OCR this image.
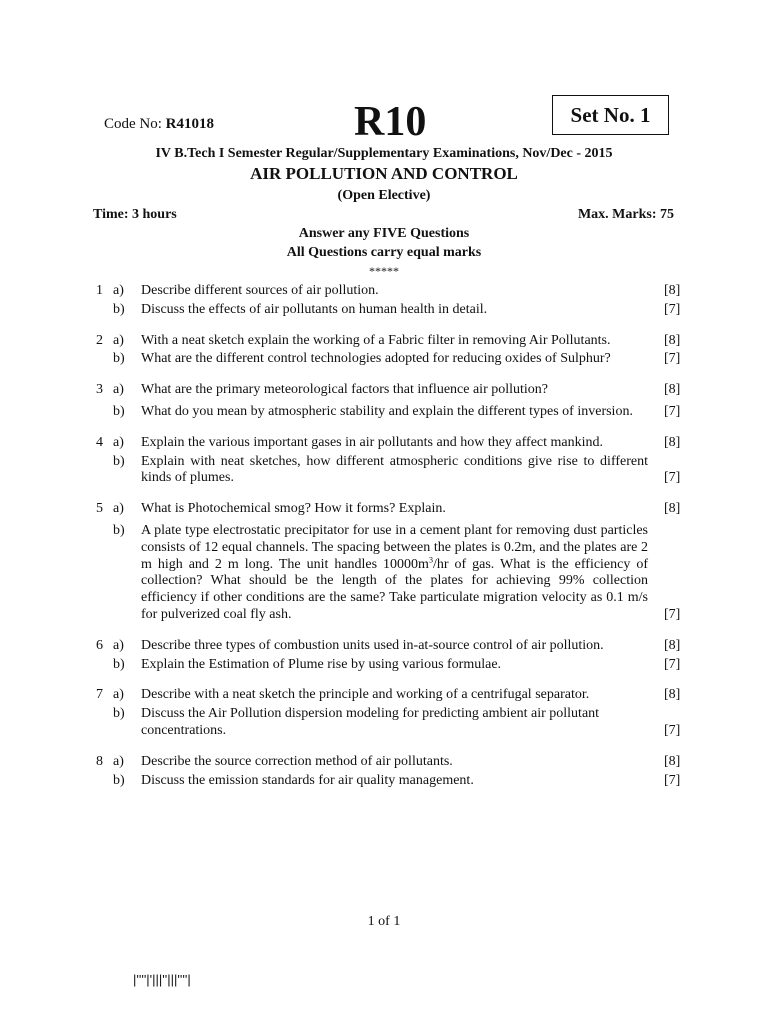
Code No: R41018	R10	Set No. 1
IV B.Tech I Semester Regular/Supplementary Examinations, Nov/Dec - 2015
AIR POLLUTION AND CONTROL
(Open Elective)
Time: 3 hours	Max. Marks: 75
Answer any FIVE Questions
All Questions carry equal marks
*****
1 a)	Describe different sources of air pollution.	[8]
b)	Discuss the effects of air pollutants on human health in detail.	[7]
2 a)	With a neat sketch explain the working of a Fabric filter in removing Air Pollutants.	[8]
b)	What are the different control technologies adopted for reducing oxides of Sulphur?	[7]
3 a)	What are the primary meteorological factors that influence air pollution?	[8]
b)	What do you mean by atmospheric stability and explain the different types of inversion.	[7]
4 a)	Explain the various important gases in air pollutants and how they affect mankind.	[8]
b)	Explain with neat sketches, how different atmospheric conditions give rise to different kinds of plumes.	[7]
5 a)	What is Photochemical smog? How it forms? Explain.	[8]
b)	A plate type electrostatic precipitator for use in a cement plant for removing dust particles consists of 12 equal channels. The spacing between the plates is 0.2m, and the plates are 2 m high and 2 m long. The unit handles $10000m^3/hr$ of gas. What is the efficiency of collection? What should be the length of the plates for achieving 99% collection efficiency if other conditions are the same? Take particulate migration velocity as 0.1 m/s for pulverized coal fly ash.	[7]
6 a)	Describe three types of combustion units used in-at-source control of air pollution.	[8]
b)	Explain the Estimation of Plume rise by using various formulae.	[7]
7 a)	Describe with a neat sketch the principle and working of a centrifugal separator.	[8]
b)	Discuss the Air Pollution dispersion modeling for predicting ambient air pollutant concentrations.	[7]
8 a)	Describe the source correction method of air pollutants.	[8]
b)	Discuss the emission standards for air quality management.	[7]
1 of 1
|''''|'|||''|||''''|
